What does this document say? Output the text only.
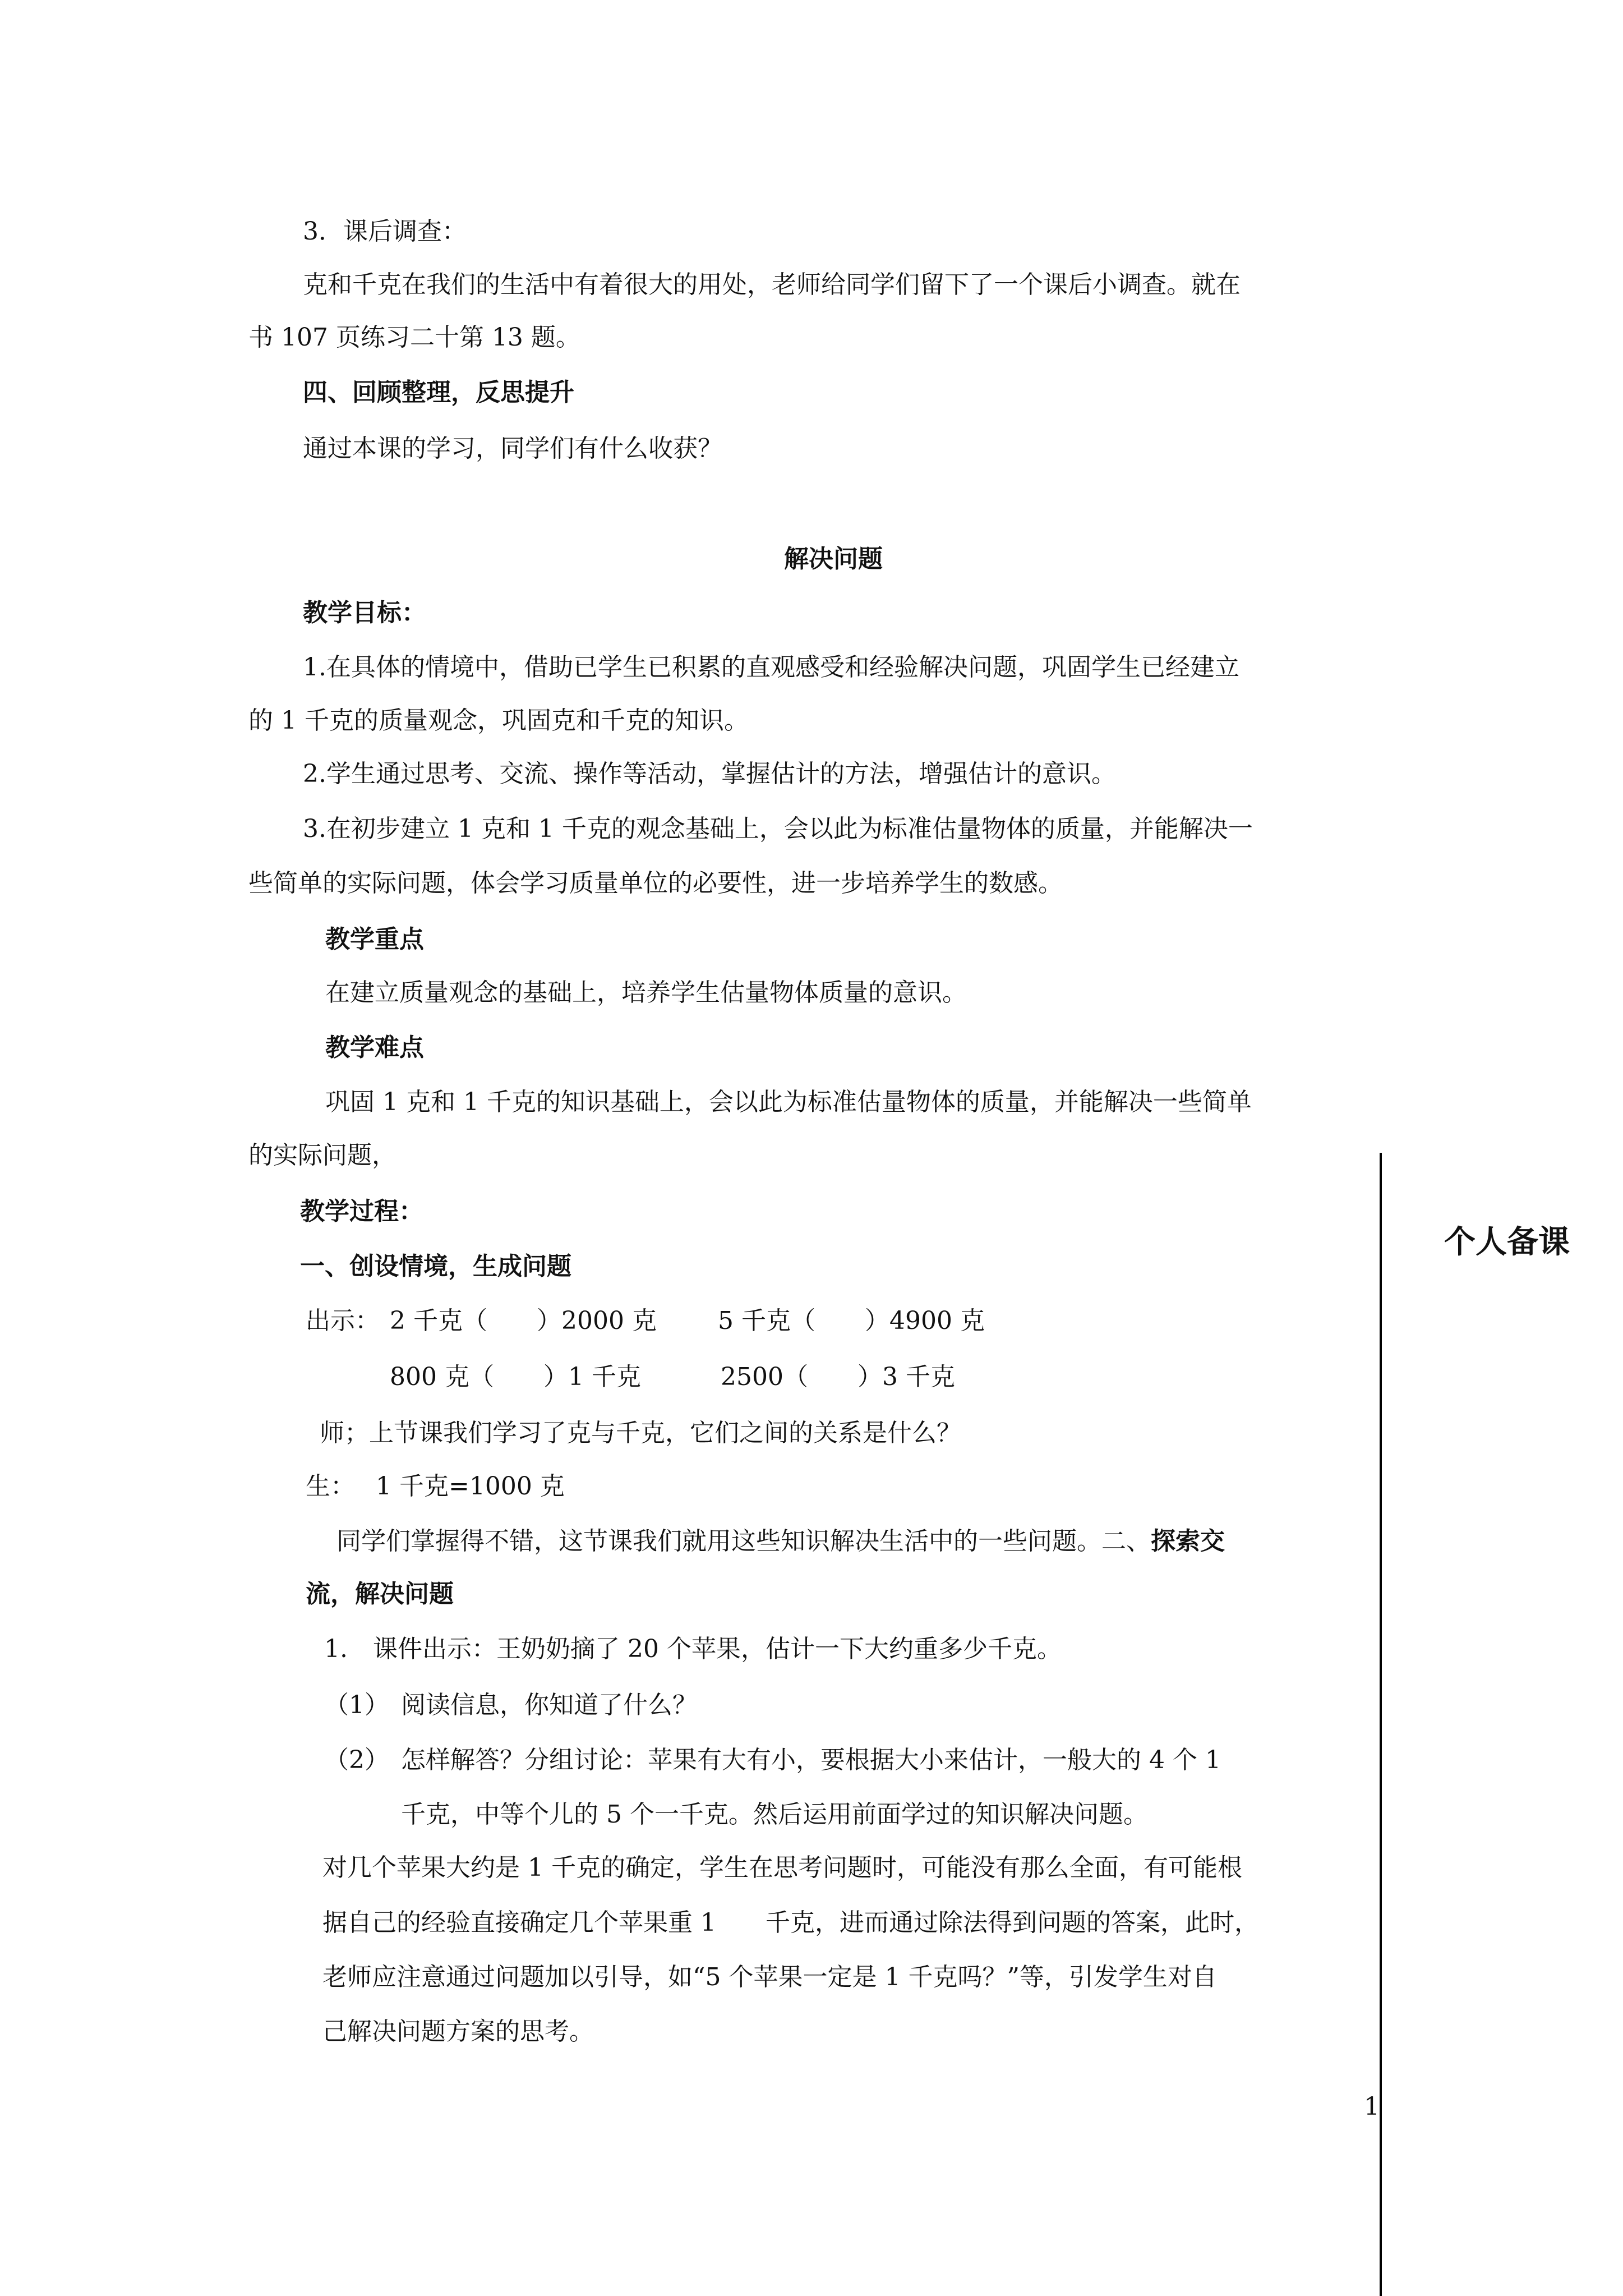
3．课后调查：
克和千克在我们的生活中有着很大的用处，老师给同学们留下了一个课后小调查。就在
书 107 页练习二十第 13 题。
四、回顾整理，反思提升
通过本课的学习，同学们有什么收获？
解决问题
教学目标：
1.在具体的情境中，借助已学生已积累的直观感受和经验解决问题，巩固学生已经建立
的 1 千克的质量观念，巩固克和千克的知识。
2.学生通过思考、交流、操作等活动，掌握估计的方法，增强估计的意识。
3.在初步建立 1 克和 1 千克的观念基础上，会以此为标准估量物体的质量，并能解决一
些简单的实际问题，体会学习质量单位的必要性，进一步培养学生的数感。
教学重点
在建立质量观念的基础上，培养学生估量物体质量的意识。
教学难点
巩固 1 克和 1 千克的知识基础上，会以此为标准估量物体的质量，并能解决一些简单
的实际问题，
教学过程：
一、创设情境，生成问题
出示： 2 千克（　　）2000 克 5 千克（　　）4900 克
800 克（　　）1 千克	2500（　　）3 千克
师；上节课我们学习了克与千克，它们之间的关系是什么？
生： 1 千克=1000 克
同学们掌握得不错，这节课我们就用这些知识解决生活中的一些问题。二、探索交
流，解决问题
1. 课件出示：王奶奶摘了 20 个苹果，估计一下大约重多少千克。
（1） 阅读信息，你知道了什么？
（2） 怎样解答？分组讨论：苹果有大有小，要根据大小来估计，一般大的 4 个 1
千克，中等个儿的 5 个一千克。然后运用前面学过的知识解决问题。
对几个苹果大约是 1 千克的确定，学生在思考问题时，可能没有那么全面，有可能根
据自己的经验直接确定几个苹果重 1　　千克，进而通过除法得到问题的答案，此时，
老师应注意通过问题加以引导，如“5 个苹果一定是 1 千克吗？”等，引发学生对自
己解决问题方案的思考。
个人备课
1
